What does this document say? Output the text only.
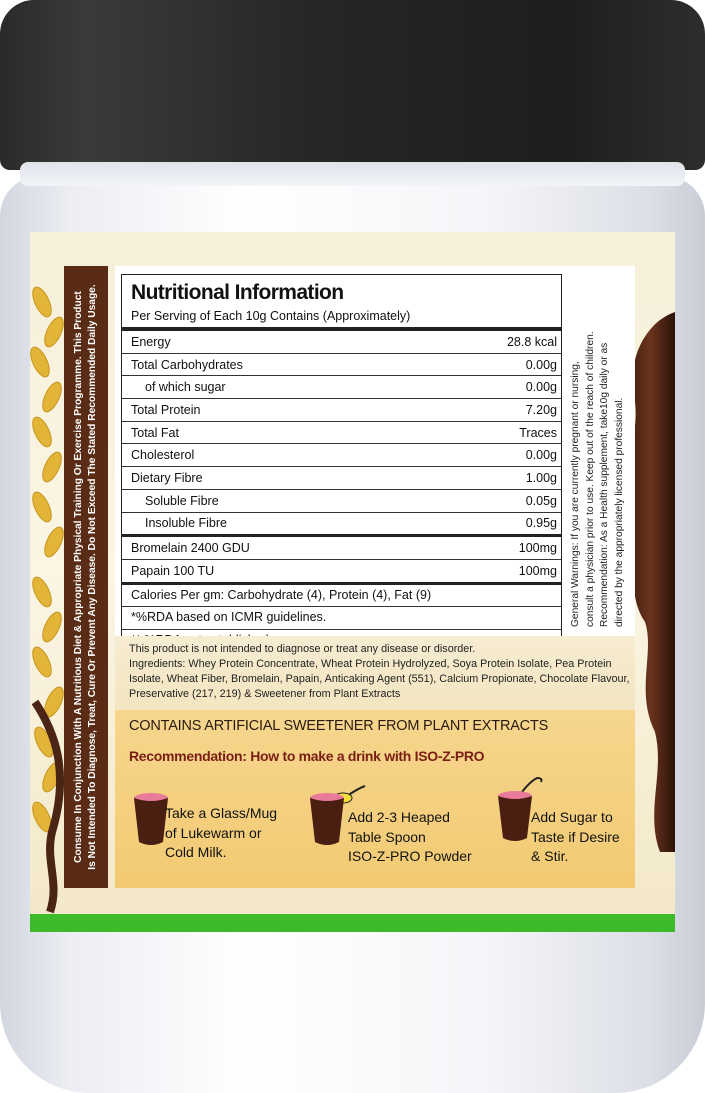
Consume In Conjunction With A Nutritious Diet & Appropriate Physical Training Or Exercise Programme. This Product Is Not Intended To Diagnose, Treat, Cure Or Prevent Any Disease. Do Not Exceed The Stated Recommended Daily Usage.	Nutritional Information
Per Serving of Each 10g Contains (Approximately)
Energy	28.8 kcal
Total Carbohydrates	0.00g
of which sugar	0.00g
Total Protein	7.20g
Total Fat	Traces
Cholesterol	0.00g
Dietary Fibre	1.00g
Soluble Fibre	0.05g
Insoluble Fibre	0.95g
Bromelain 2400 GDU	100mg
Papain 100 TU	100mg
Calories Per gm: Carbohydrate (4), Protein (4), Fat (9)
*%RDA based on ICMR guidelines.	General Warnings: If you are currently pregnant or nursing, consult a physician prior to use. Keep out of the reach of children. Recommendation: As a Health supplement, take10g daily or as directed by the appropriately licensed professional.
This product is not intended to diagnose or treat any disease or disorder.
Ingredients: Whey Protein Concentrate, Wheat Protein Hydrolyzed, Soya Protein Isolate, Pea Protein Isolate, Wheat Fiber, Bromelain, Papain, Anticaking Agent (551), Calcium Propionate, Chocolate Flavour, Preservative (217, 219) & Sweetener from Plant Extracts
CONTAINS ARTIFICIAL SWEETENER FROM PLANT EXTRACTS
Recommendation: How to make a drink with ISO-Z-PRO
Take a Glass/Mug
of Lukewarm or
Cold Milk.
Add 2-3 Heaped
Table Spoon
ISO-Z-PRO Powder
Add Sugar to
Taste if Desire
& Stir.
